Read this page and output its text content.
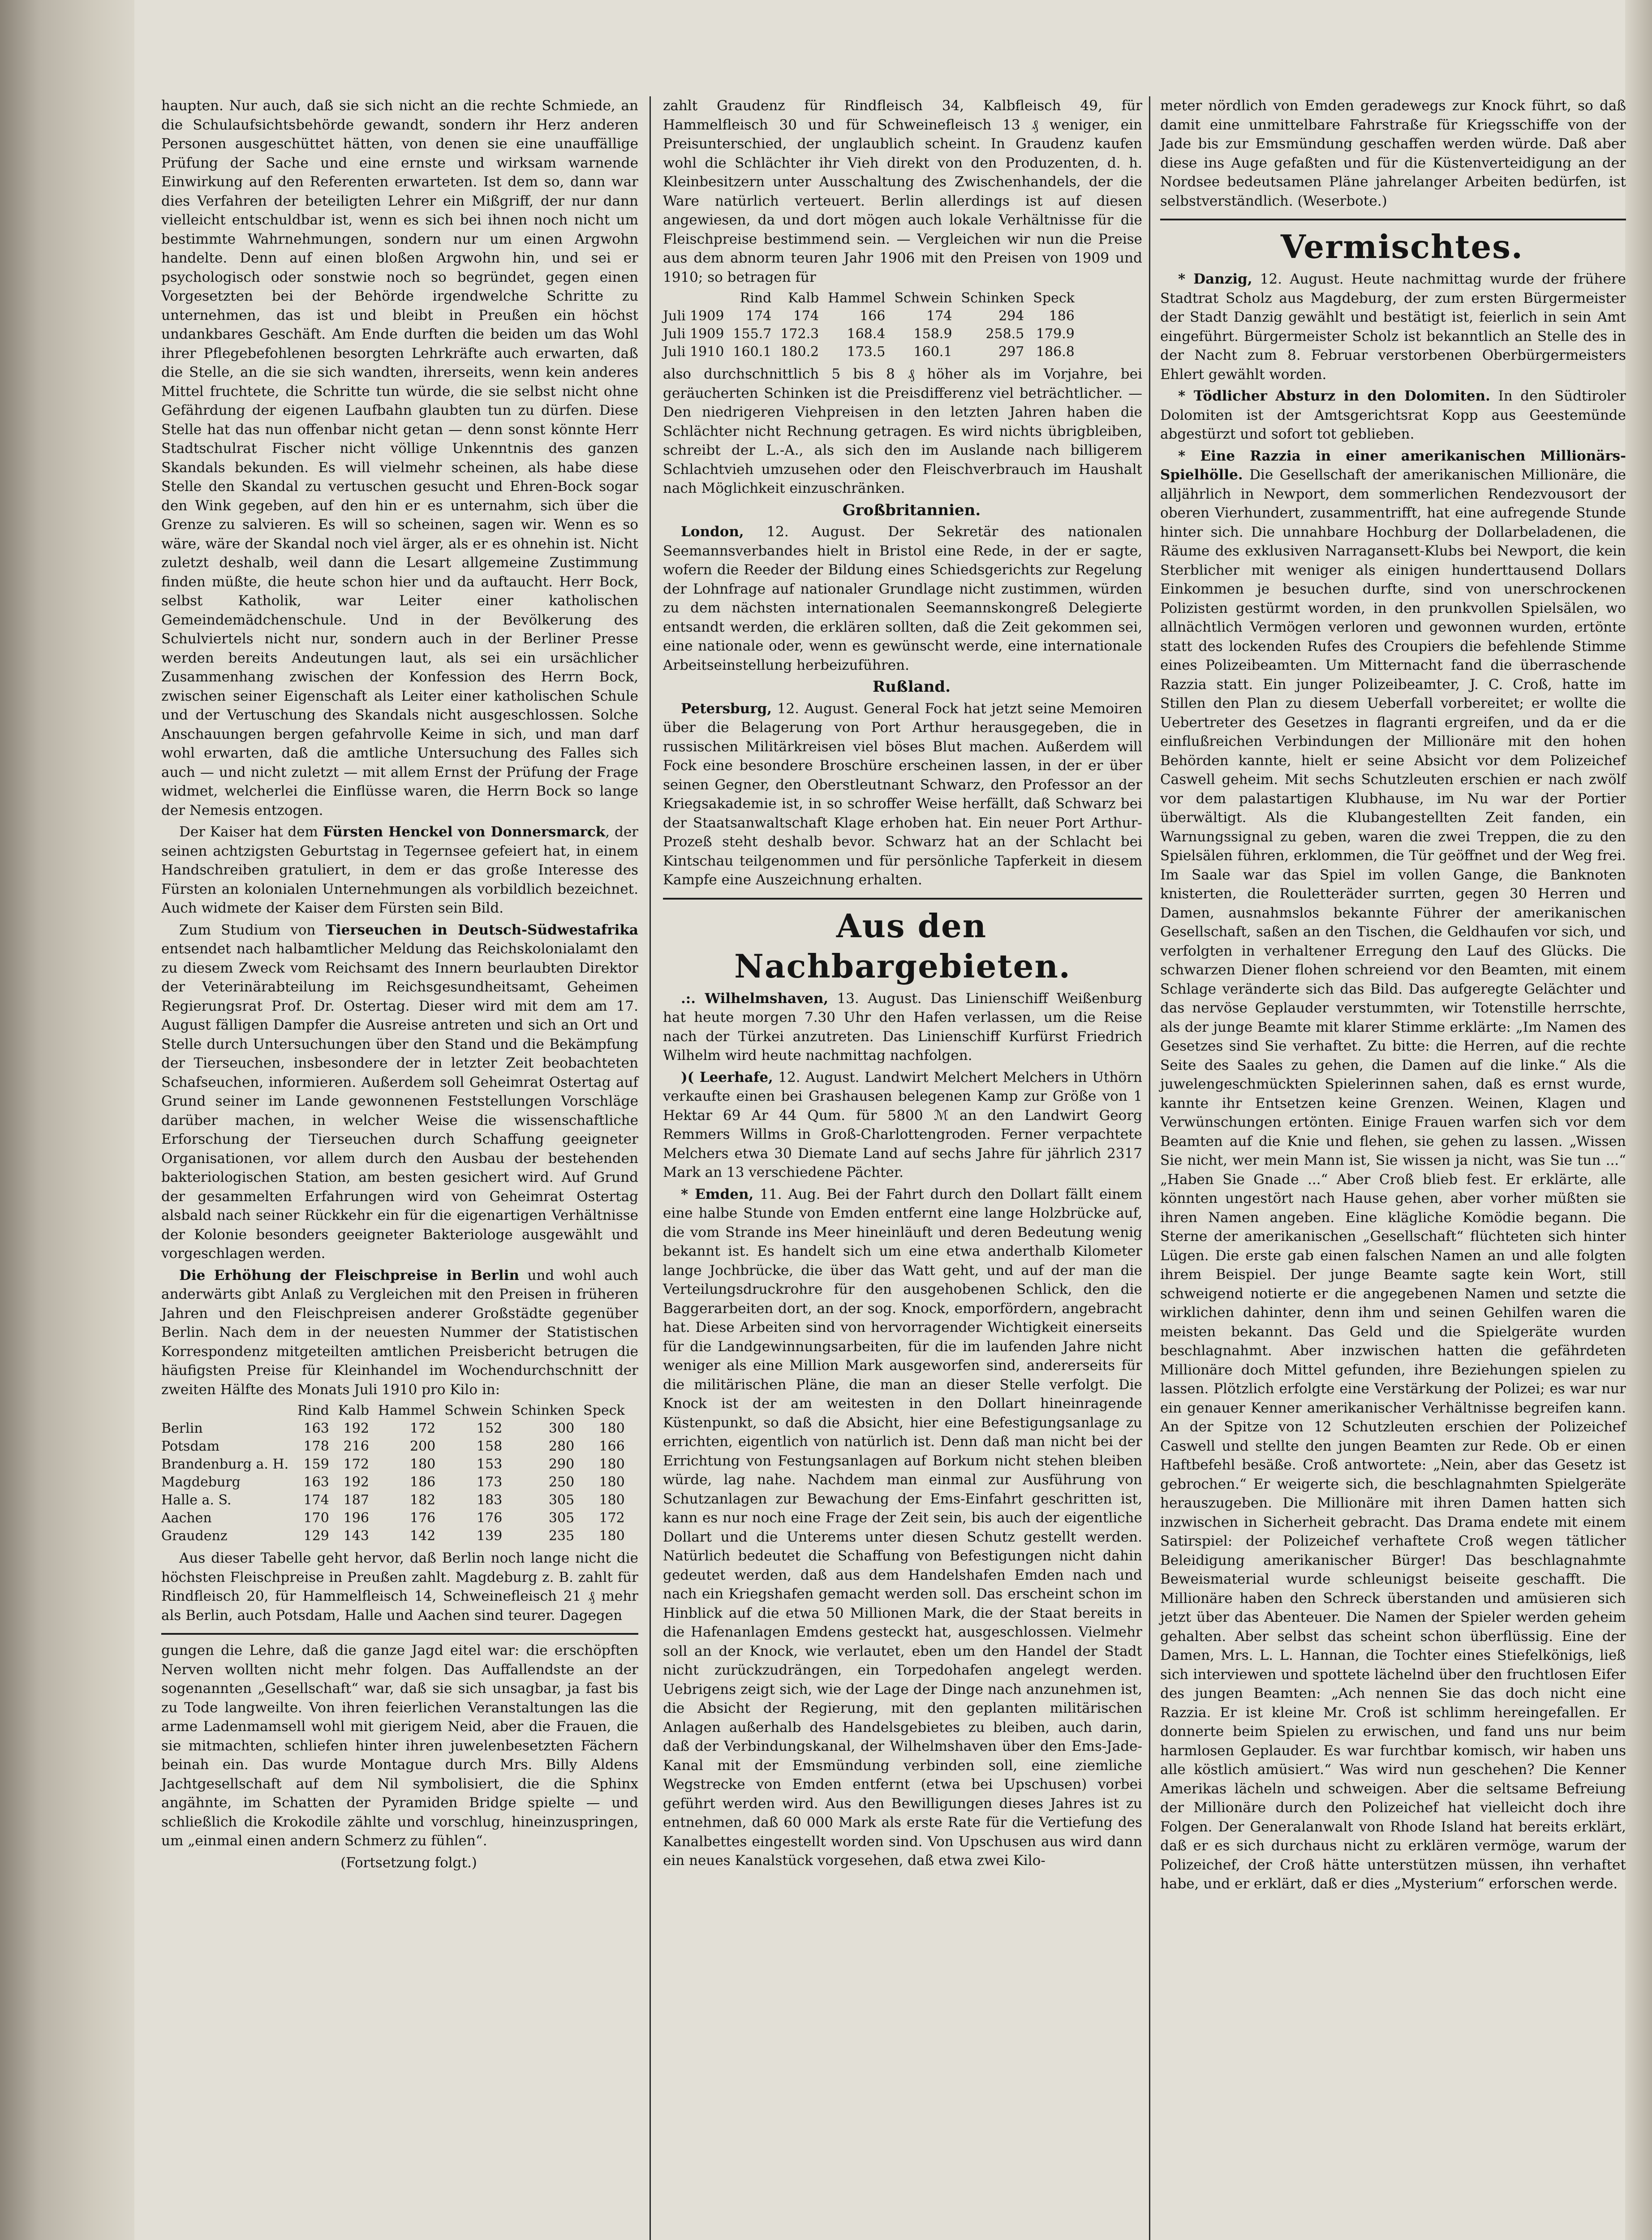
haupten. Nur auch, daß sie sich nicht an die rechte Schmiede, an die Schulaufsichtsbehörde gewandt, sondern ihr Herz anderen Personen ausgeschüttet hätten, von denen sie eine unauffällige Prüfung der Sache und eine ernste und wirksam warnende Einwirkung auf den Referenten erwarteten. Ist dem so, dann war dies Verfahren der beteiligten Lehrer ein Mißgriff, der nur dann vielleicht entschuldbar ist, wenn es sich bei ihnen noch nicht um bestimmte Wahrnehmungen, sondern nur um einen Argwohn handelte. Denn auf einen bloßen Argwohn hin, und sei er psychologisch oder sonstwie noch so begründet, gegen einen Vorgesetzten bei der Behörde irgendwelche Schritte zu unternehmen, das ist und bleibt in Preußen ein höchst undankbares Geschäft. Am Ende durften die beiden um das Wohl ihrer Pflegebefohlenen besorgten Lehrkräfte auch erwarten, daß die Stelle, an die sie sich wandten, ihrerseits, wenn kein anderes Mittel fruchtete, die Schritte tun würde, die sie selbst nicht ohne Gefährdung der eigenen Laufbahn glaubten tun zu dürfen. Diese Stelle hat das nun offenbar nicht getan — denn sonst könnte Herr Stadtschulrat Fischer nicht völlige Unkenntnis des ganzen Skandals bekunden. Es will vielmehr scheinen, als habe diese Stelle den Skandal zu vertuschen gesucht und Ehren-Bock sogar den Wink gegeben, auf den hin er es unternahm, sich über die Grenze zu salvieren. Es will so scheinen, sagen wir. Wenn es so wäre, wäre der Skandal noch viel ärger, als er es ohnehin ist. Nicht zuletzt deshalb, weil dann die Lesart allgemeine Zustimmung finden müßte, die heute schon hier und da auftaucht. Herr Bock, selbst Katholik, war Leiter einer katholischen Gemeindemädchenschule. Und in der Bevölkerung des Schulviertels nicht nur, sondern auch in der Berliner Presse werden bereits Andeutungen laut, als sei ein ursächlicher Zusammenhang zwischen der Konfession des Herrn Bock, zwischen seiner Eigenschaft als Leiter einer katholischen Schule und der Vertuschung des Skandals nicht ausgeschlossen. Solche Anschauungen bergen gefahrvolle Keime in sich, und man darf wohl erwarten, daß die amtliche Untersuchung des Falles sich auch — und nicht zuletzt — mit allem Ernst der Prüfung der Frage widmet, welcherlei die Einflüsse waren, die Herrn Bock so lange der Nemesis entzogen.

Der Kaiser hat dem Fürsten Henckel von Donnersmarck, der seinen achtzigsten Geburtstag in Tegernsee gefeiert hat, in einem Handschreiben gratuliert, in dem er das große Interesse des Fürsten an kolonialen Unternehmungen als vorbildlich bezeichnet. Auch widmete der Kaiser dem Fürsten sein Bild.

Zum Studium von Tierseuchen in Deutsch-Südwestafrika entsendet nach halbamtlicher Meldung das Reichskolonialamt den zu diesem Zweck vom Reichsamt des Innern beurlaubten Direktor der Veterinärabteilung im Reichsgesundheitsamt, Geheimen Regierungsrat Prof. Dr. Ostertag. Dieser wird mit dem am 17. August fälligen Dampfer die Ausreise antreten und sich an Ort und Stelle durch Untersuchungen über den Stand und die Bekämpfung der Tierseuchen, insbesondere der in letzter Zeit beobachteten Schafseuchen, informieren. Außerdem soll Geheimrat Ostertag auf Grund seiner im Lande gewonnenen Feststellungen Vorschläge darüber machen, in welcher Weise die wissenschaftliche Erforschung der Tierseuchen durch Schaffung geeigneter Organisationen, vor allem durch den Ausbau der bestehenden bakteriologischen Station, am besten gesichert wird. Auf Grund der gesammelten Erfahrungen wird von Geheimrat Ostertag alsbald nach seiner Rückkehr ein für die eigenartigen Verhältnisse der Kolonie besonders geeigneter Bakteriologe ausgewählt und vorgeschlagen werden.

Die Erhöhung der Fleischpreise in Berlin und wohl auch anderwärts gibt Anlaß zu Vergleichen mit den Preisen in früheren Jahren und den Fleischpreisen anderer Großstädte gegenüber Berlin. Nach dem in der neuesten Nummer der Statistischen Korrespondenz mitgeteilten amtlichen Preisbericht betrugen die häufigsten Preise für Kleinhandel im Wochendurchschnitt der zweiten Hälfte des Monats Juli 1910 pro Kilo in:

	Rind	Kalb	Hammel	Schwein	Schinken	Speck
Berlin	163	192	172	152	300	180
Potsdam	178	216	200	158	280	166
Brandenburg a. H.	159	172	180	153	290	180
Magdeburg	163	192	186	173	250	180
Halle a. S.	174	187	182	183	305	180
Aachen	170	196	176	176	305	172
Graudenz	129	143	142	139	235	180

Aus dieser Tabelle geht hervor, daß Berlin noch lange nicht die höchsten Fleischpreise in Preußen zahlt. Magdeburg z. B. zahlt für Rindfleisch 20, für Hammelfleisch 14, Schweinefleisch 21 ₰ mehr als Berlin, auch Potsdam, Halle und Aachen sind teurer. Dagegen

gungen die Lehre, daß die ganze Jagd eitel war: die erschöpften Nerven wollten nicht mehr folgen. Das Auffallendste an der sogenannten „Gesellschaft“ war, daß sie sich unsagbar, ja fast bis zu Tode langweilte. Von ihren feierlichen Veranstaltungen las die arme Ladenmamsell wohl mit gierigem Neid, aber die Frauen, die sie mitmachten, schliefen hinter ihren juwelenbesetzten Fächern beinah ein. Das wurde Montague durch Mrs. Billy Aldens Jachtgesellschaft auf dem Nil symbolisiert, die die Sphinx angähnte, im Schatten der Pyramiden Bridge spielte — und schließlich die Krokodile zählte und vorschlug, hineinzuspringen, um „einmal einen andern Schmerz zu fühlen“.

(Fortsetzung folgt.)

zahlt Graudenz für Rindfleisch 34, Kalbfleisch 49, für Hammelfleisch 30 und für Schweinefleisch 13 ₰ weniger, ein Preisunterschied, der unglaublich scheint. In Graudenz kaufen wohl die Schlächter ihr Vieh direkt von den Produzenten, d. h. Kleinbesitzern unter Ausschaltung des Zwischenhandels, der die Ware natürlich verteuert. Berlin allerdings ist auf diesen angewiesen, da und dort mögen auch lokale Verhältnisse für die Fleischpreise bestimmend sein. — Vergleichen wir nun die Preise aus dem abnorm teuren Jahr 1906 mit den Preisen von 1909 und 1910; so betragen für

	Rind	Kalb	Hammel	Schwein	Schinken	Speck
Juli 1909	174	174	166	174	294	186
Juli 1909	155.7	172.3	168.4	158.9	258.5	179.9
Juli 1910	160.1	180.2	173.5	160.1	297	186.8

also durchschnittlich 5 bis 8 ₰ höher als im Vorjahre, bei geräucherten Schinken ist die Preisdifferenz viel beträchtlicher. — Den niedrigeren Viehpreisen in den letzten Jahren haben die Schlächter nicht Rechnung getragen. Es wird nichts übrigbleiben, schreibt der L.-A., als sich den im Auslande nach billigerem Schlachtvieh umzusehen oder den Fleischverbrauch im Haushalt nach Möglichkeit einzuschränken.

Großbritannien.

London, 12. August. Der Sekretär des nationalen Seemannsverbandes hielt in Bristol eine Rede, in der er sagte, wofern die Reeder der Bildung eines Schiedsgerichts zur Regelung der Lohnfrage auf nationaler Grundlage nicht zustimmen, würden zu dem nächsten internationalen Seemannskongreß Delegierte entsandt werden, die erklären sollten, daß die Zeit gekommen sei, eine nationale oder, wenn es gewünscht werde, eine internationale Arbeitseinstellung herbeizuführen.

Rußland.

Petersburg, 12. August. General Fock hat jetzt seine Memoiren über die Belagerung von Port Arthur herausgegeben, die in russischen Militärkreisen viel böses Blut machen. Außerdem will Fock eine besondere Broschüre erscheinen lassen, in der er über seinen Gegner, den Oberstleutnant Schwarz, den Professor an der Kriegsakademie ist, in so schroffer Weise herfällt, daß Schwarz bei der Staatsanwaltschaft Klage erhoben hat. Ein neuer Port Arthur-Prozeß steht deshalb bevor. Schwarz hat an der Schlacht bei Kintschau teilgenommen und für persönliche Tapferkeit in diesem Kampfe eine Auszeichnung erhalten.

Aus den Nachbargebieten.

.:. Wilhelmshaven, 13. August. Das Linienschiff Weißenburg hat heute morgen 7.30 Uhr den Hafen verlassen, um die Reise nach der Türkei anzutreten. Das Linienschiff Kurfürst Friedrich Wilhelm wird heute nachmittag nachfolgen.

)( Leerhafe, 12. August. Landwirt Melchert Melchers in Uthörn verkaufte einen bei Grashausen belegenen Kamp zur Größe von 1 Hektar 69 Ar 44 Qum. für 5800 ℳ an den Landwirt Georg Remmers Willms in Groß-Charlottengroden. Ferner verpachtete Melchers etwa 30 Diemate Land auf sechs Jahre für jährlich 2317 Mark an 13 verschiedene Pächter.

* Emden, 11. Aug. Bei der Fahrt durch den Dollart fällt einem eine halbe Stunde von Emden entfernt eine lange Holzbrücke auf, die vom Strande ins Meer hineinläuft und deren Bedeutung wenig bekannt ist. Es handelt sich um eine etwa anderthalb Kilometer lange Jochbrücke, die über das Watt geht, und auf der man die Verteilungsdruckrohre für den ausgehobenen Schlick, den die Baggerarbeiten dort, an der sog. Knock, emporfördern, angebracht hat. Diese Arbeiten sind von hervorragender Wichtigkeit einerseits für die Landgewinnungsarbeiten, für die im laufenden Jahre nicht weniger als eine Million Mark ausgeworfen sind, andererseits für die militärischen Pläne, die man an dieser Stelle verfolgt. Die Knock ist der am weitesten in den Dollart hineinragende Küstenpunkt, so daß die Absicht, hier eine Befestigungsanlage zu errichten, eigentlich von natürlich ist. Denn daß man nicht bei der Errichtung von Festungsanlagen auf Borkum nicht stehen bleiben würde, lag nahe. Nachdem man einmal zur Ausführung von Schutzanlagen zur Bewachung der Ems-Einfahrt geschritten ist, kann es nur noch eine Frage der Zeit sein, bis auch der eigentliche Dollart und die Unterems unter diesen Schutz gestellt werden. Natürlich bedeutet die Schaffung von Befestigungen nicht dahin gedeutet werden, daß aus dem Handelshafen Emden nach und nach ein Kriegshafen gemacht werden soll. Das erscheint schon im Hinblick auf die etwa 50 Millionen Mark, die der Staat bereits in die Hafenanlagen Emdens gesteckt hat, ausgeschlossen. Vielmehr soll an der Knock, wie verlautet, eben um den Handel der Stadt nicht zurückzudrängen, ein Torpedohafen angelegt werden. Uebrigens zeigt sich, wie der Lage der Dinge nach anzunehmen ist, die Absicht der Regierung, mit den geplanten militärischen Anlagen außerhalb des Handelsgebietes zu bleiben, auch darin, daß der Verbindungskanal, der Wilhelmshaven über den Ems-Jade-Kanal mit der Emsmündung verbinden soll, eine ziemliche Wegstrecke von Emden entfernt (etwa bei Upschusen) vorbei geführt werden wird. Aus den Bewilligungen dieses Jahres ist zu entnehmen, daß 60 000 Mark als erste Rate für die Vertiefung des Kanalbettes eingestellt worden sind. Von Upschusen aus wird dann ein neues Kanalstück vorgesehen, daß etwa zwei Kilo-

meter nördlich von Emden geradewegs zur Knock führt, so daß damit eine unmittelbare Fahrstraße für Kriegsschiffe von der Jade bis zur Emsmündung geschaffen werden würde. Daß aber diese ins Auge gefaßten und für die Küstenverteidigung an der Nordsee bedeutsamen Pläne jahrelanger Arbeiten bedürfen, ist selbstverständlich. (Weserbote.)

Vermischtes.

* Danzig, 12. August. Heute nachmittag wurde der frühere Stadtrat Scholz aus Magdeburg, der zum ersten Bürgermeister der Stadt Danzig gewählt und bestätigt ist, feierlich in sein Amt eingeführt. Bürgermeister Scholz ist bekanntlich an Stelle des in der Nacht zum 8. Februar verstorbenen Oberbürgermeisters Ehlert gewählt worden.

* Tödlicher Absturz in den Dolomiten. In den Südtiroler Dolomiten ist der Amtsgerichtsrat Kopp aus Geestemünde abgestürzt und sofort tot geblieben.

* Eine Razzia in einer amerikanischen Millionärs-Spielhölle. Die Gesellschaft der amerikanischen Millionäre, die alljährlich in Newport, dem sommerlichen Rendezvousort der oberen Vierhundert, zusammentrifft, hat eine aufregende Stunde hinter sich. Die unnahbare Hochburg der Dollarbeladenen, die Räume des exklusiven Narragansett-Klubs bei Newport, die kein Sterblicher mit weniger als einigen hunderttausend Dollars Einkommen je besuchen durfte, sind von unerschrockenen Polizisten gestürmt worden, in den prunkvollen Spielsälen, wo allnächtlich Vermögen verloren und gewonnen wurden, ertönte statt des lockenden Rufes des Croupiers die befehlende Stimme eines Polizeibeamten. Um Mitternacht fand die überraschende Razzia statt. Ein junger Polizeibeamter, J. C. Croß, hatte im Stillen den Plan zu diesem Ueberfall vorbereitet; er wollte die Uebertreter des Gesetzes in flagranti ergreifen, und da er die einflußreichen Verbindungen der Millionäre mit den hohen Behörden kannte, hielt er seine Absicht vor dem Polizeichef Caswell geheim. Mit sechs Schutzleuten erschien er nach zwölf vor dem palastartigen Klubhause, im Nu war der Portier überwältigt. Als die Klubangestellten Zeit fanden, ein Warnungssignal zu geben, waren die zwei Treppen, die zu den Spielsälen führen, erklommen, die Tür geöffnet und der Weg frei. Im Saale war das Spiel im vollen Gange, die Banknoten knisterten, die Rouletteräder surrten, gegen 30 Herren und Damen, ausnahmslos bekannte Führer der amerikanischen Gesellschaft, saßen an den Tischen, die Geldhaufen vor sich, und verfolgten in verhaltener Erregung den Lauf des Glücks. Die schwarzen Diener flohen schreiend vor den Beamten, mit einem Schlage veränderte sich das Bild. Das aufgeregte Gelächter und das nervöse Geplauder verstummten, wir Totenstille herrschte, als der junge Beamte mit klarer Stimme erklärte: „Im Namen des Gesetzes sind Sie verhaftet. Zu bitte: die Herren, auf die rechte Seite des Saales zu gehen, die Damen auf die linke.“ Als die juwelengeschmückten Spielerinnen sahen, daß es ernst wurde, kannte ihr Entsetzen keine Grenzen. Weinen, Klagen und Verwünschungen ertönten. Einige Frauen warfen sich vor dem Beamten auf die Knie und flehen, sie gehen zu lassen. „Wissen Sie nicht, wer mein Mann ist, Sie wissen ja nicht, was Sie tun ...“ „Haben Sie Gnade ...“ Aber Croß blieb fest. Er erklärte, alle könnten ungestört nach Hause gehen, aber vorher müßten sie ihren Namen angeben. Eine klägliche Komödie begann. Die Sterne der amerikanischen „Gesellschaft“ flüchteten sich hinter Lügen. Die erste gab einen falschen Namen an und alle folgten ihrem Beispiel. Der junge Beamte sagte kein Wort, still schweigend notierte er die angegebenen Namen und setzte die wirklichen dahinter, denn ihm und seinen Gehilfen waren die meisten bekannt. Das Geld und die Spielgeräte wurden beschlagnahmt. Aber inzwischen hatten die gefährdeten Millionäre doch Mittel gefunden, ihre Beziehungen spielen zu lassen. Plötzlich erfolgte eine Verstärkung der Polizei; es war nur ein genauer Kenner amerikanischer Verhältnisse begreifen kann. An der Spitze von 12 Schutzleuten erschien der Polizeichef Caswell und stellte den jungen Beamten zur Rede. Ob er einen Haftbefehl besäße. Croß antwortete: „Nein, aber das Gesetz ist gebrochen.“ Er weigerte sich, die beschlagnahmten Spielgeräte herauszugeben. Die Millionäre mit ihren Damen hatten sich inzwischen in Sicherheit gebracht. Das Drama endete mit einem Satirspiel: der Polizeichef verhaftete Croß wegen tätlicher Beleidigung amerikanischer Bürger! Das beschlagnahmte Beweismaterial wurde schleunigst beiseite geschafft. Die Millionäre haben den Schreck überstanden und amüsieren sich jetzt über das Abenteuer. Die Namen der Spieler werden geheim gehalten. Aber selbst das scheint schon überflüssig. Eine der Damen, Mrs. L. L. Hannan, die Tochter eines Stiefelkönigs, ließ sich interviewen und spottete lächelnd über den fruchtlosen Eifer des jungen Beamten: „Ach nennen Sie das doch nicht eine Razzia. Er ist kleine Mr. Croß ist schlimm hereingefallen. Er donnerte beim Spielen zu erwischen, und fand uns nur beim harmlosen Geplauder. Es war furchtbar komisch, wir haben uns alle köstlich amüsiert.“ Was wird nun geschehen? Die Kenner Amerikas lächeln und schweigen. Aber die seltsame Befreiung der Millionäre durch den Polizeichef hat vielleicht doch ihre Folgen. Der Generalanwalt von Rhode Island hat bereits erklärt, daß er es sich durchaus nicht zu erklären vermöge, warum der Polizeichef, der Croß hätte unterstützen müssen, ihn verhaftet habe, und er erklärt, daß er dies „Mysterium“ erforschen werde.
